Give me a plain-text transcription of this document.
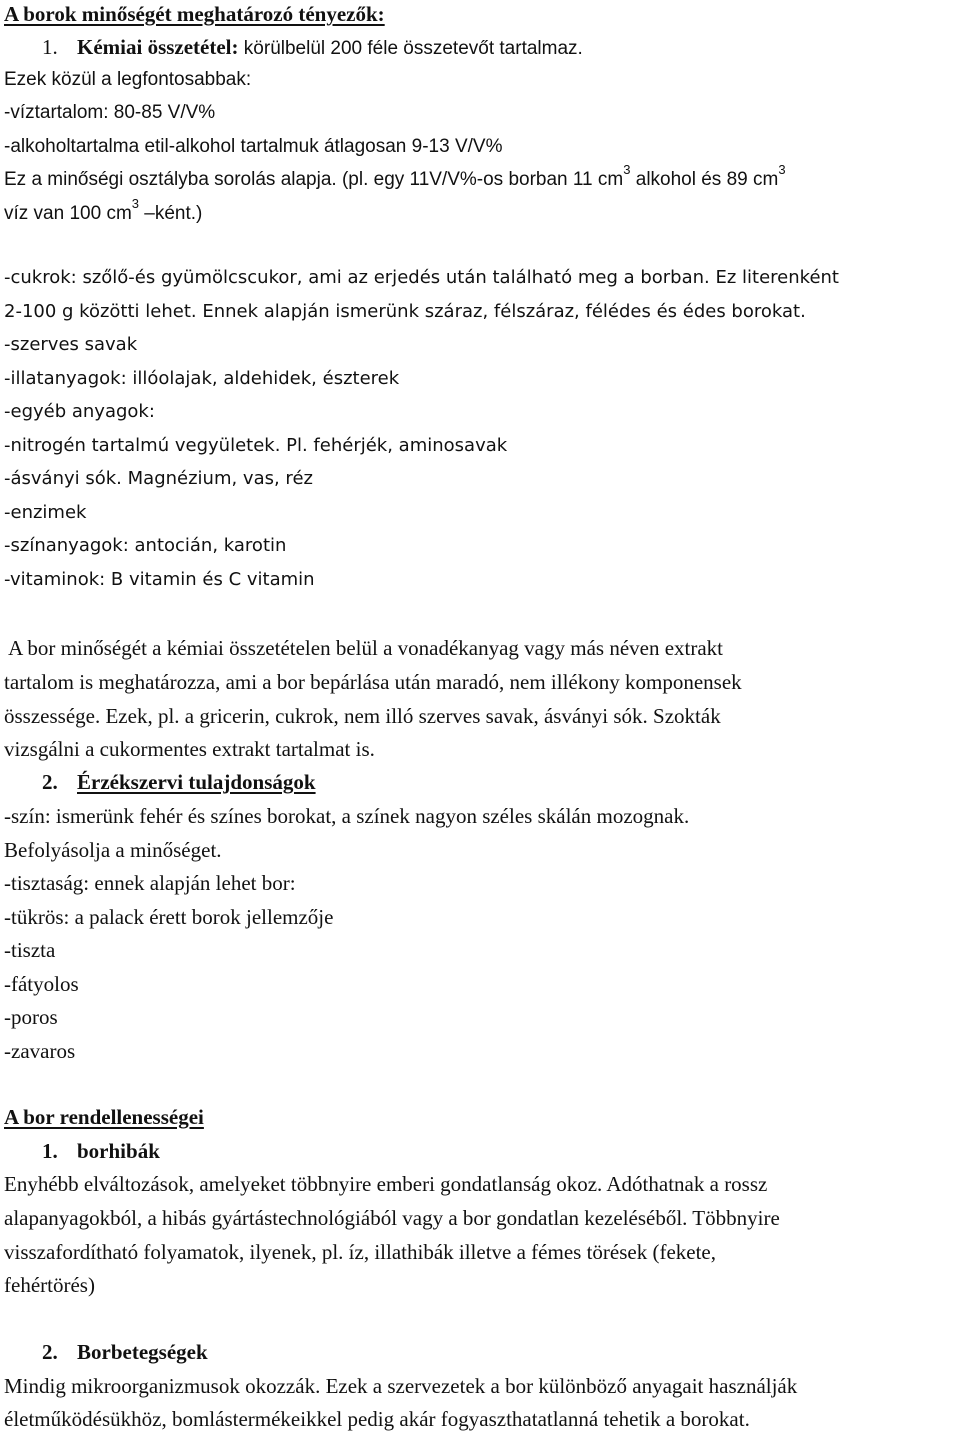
A borok minőségét meghatározó tényezők:
1. Kémiai összetétel: körülbelül 200 féle összetevőt tartalmaz.
Ezek közül a legfontosabbak:
-víztartalom: 80-85 V/V%
-alkoholtartalma etil-alkohol tartalmuk átlagosan 9-13 V/V%
Ez a minőségi osztályba sorolás alapja. (pl. egy 11V/V%-os borban 11 $cm^3$ alkohol és 89 $cm^3$
víz van 100 $cm^3$ –ként.)
-cukrok: szőlő-és gyümölcscukor, ami az erjedés után található meg a borban. Ez literenként
2-100 g közötti lehet. Ennek alapján ismerünk száraz, félszáraz, félédes és édes borokat.
-szerves savak
-illatanyagok: illóolajak, aldehidek, észterek
-egyéb anyagok:
-nitrogén tartalmú vegyületek. Pl. fehérjék, aminosavak
-ásványi sók. Magnézium, vas, réz
-enzimek
-színanyagok: antocián, karotin
-vitaminok: B vitamin és C vitamin
A bor minőségét a kémiai összetételen belül a vonadékanyag vagy más néven extrakt
tartalom is meghatározza, ami a bor bepárlása után maradó, nem illékony komponensek
összessége. Ezek, pl. a gricerin, cukrok, nem illó szerves savak, ásványi sók. Szokták
vizsgálni a cukormentes extrakt tartalmat is.
2. Érzékszervi tulajdonságok
-szín: ismerünk fehér és színes borokat, a színek nagyon széles skálán mozognak.
Befolyásolja a minőséget.
-tisztaság: ennek alapján lehet bor:
-tükrös: a palack érett borok jellemzője
-tiszta
-fátyolos
-poros
-zavaros
A bor rendellenességei
1. borhibák
Enyhébb elváltozások, amelyeket többnyire emberi gondatlanság okoz. Adóthatnak a rossz
alapanyagokból, a hibás gyártástechnológiából vagy a bor gondatlan kezeléséből. Többnyire
visszafordítható folyamatok, ilyenek, pl. íz, illathibák illetve a fémes törések (fekete,
fehértörés)
2. Borbetegségek
Mindig mikroorganizmusok okozzák. Ezek a szervezetek a bor különböző anyagait használják
életműködésükhöz, bomlástermékeikkel pedig akár fogyaszthatatlanná tehetik a borokat.
